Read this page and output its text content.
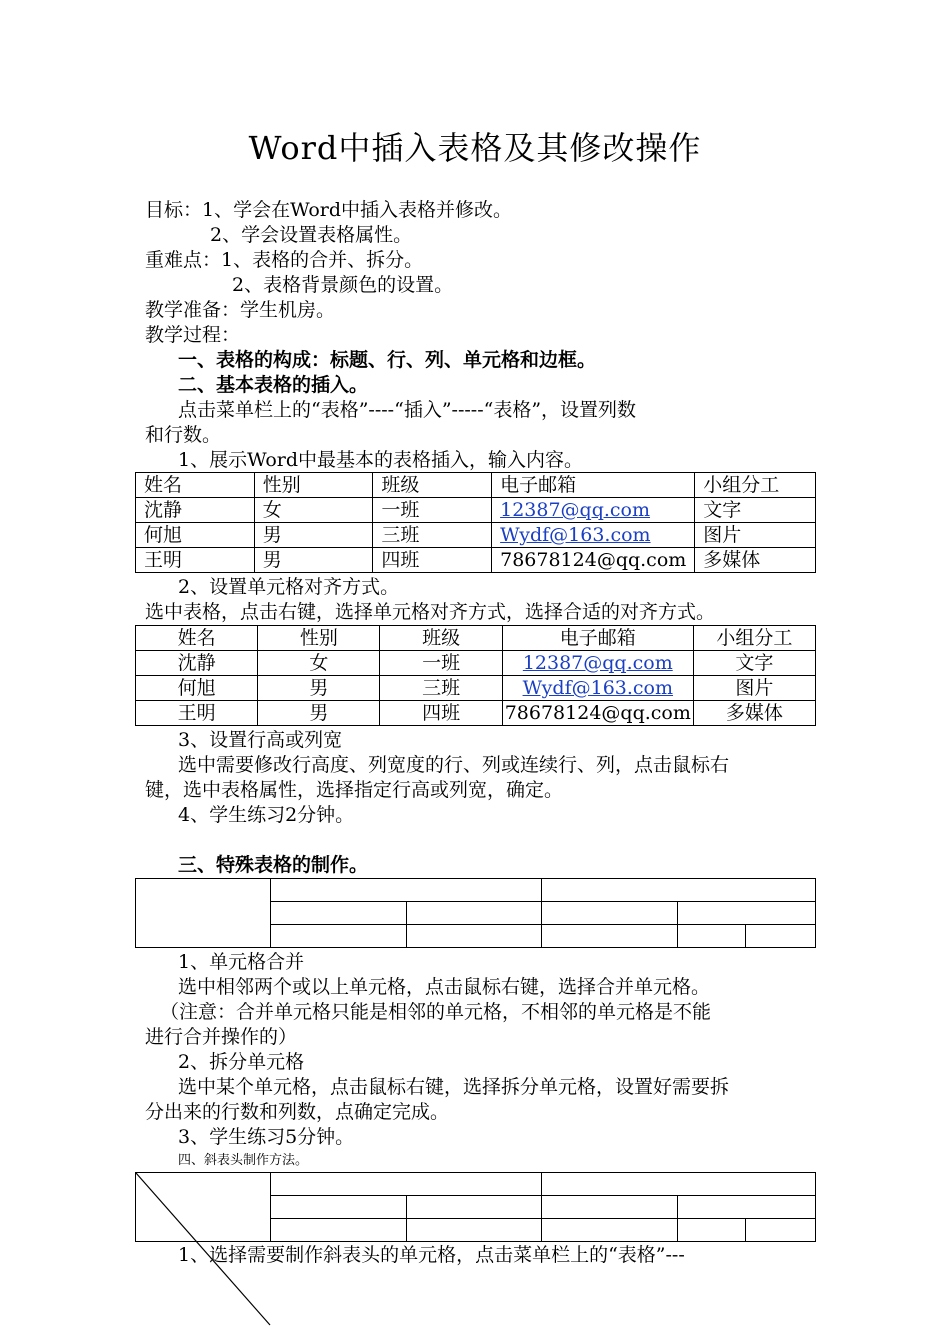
Word中插入表格及其修改操作
目标：1、学会在Word中插入表格并修改。
2、学会设置表格属性。
重难点：1、表格的合并、拆分。
2、表格背景颜色的设置。
教学准备：学生机房。
教学过程：
一、表格的构成：标题、行、列、单元格和边框。
二、基本表格的插入。
点击菜单栏上的“表格”----“插入”-----“表格”，设置列数
和行数。
1、展示Word中最基本的表格插入，输入内容。
姓名	性别	班级	电子邮箱	小组分工
沈静	女	一班	12387@qq.com	文字
何旭	男	三班	Wydf@163.com	图片
王明	男	四班	78678124@qq.com	多媒体
2、设置单元格对齐方式。
选中表格，点击右键，选择单元格对齐方式，选择合适的对齐方式。
姓名	性别	班级	电子邮箱	小组分工
沈静	女	一班	12387@qq.com	文字
何旭	男	三班	Wydf@163.com	图片
王明	男	四班	78678124@qq.com	多媒体
3、设置行高或列宽
选中需要修改行高度、列宽度的行、列或连续行、列，点击鼠标右
键，选中表格属性，选择指定行高或列宽，确定。
4、学生练习2分钟。
三、特殊表格的制作。

1、单元格合并
选中相邻两个或以上单元格，点击鼠标右键，选择合并单元格。
（注意：合并单元格只能是相邻的单元格，不相邻的单元格是不能
进行合并操作的）
2、拆分单元格
选中某个单元格，点击鼠标右键，选择拆分单元格，设置好需要拆
分出来的行数和列数，点确定完成。
3、学生练习5分钟。
四、斜表头制作方法。

1、选择需要制作斜表头的单元格，点击菜单栏上的“表格”---
